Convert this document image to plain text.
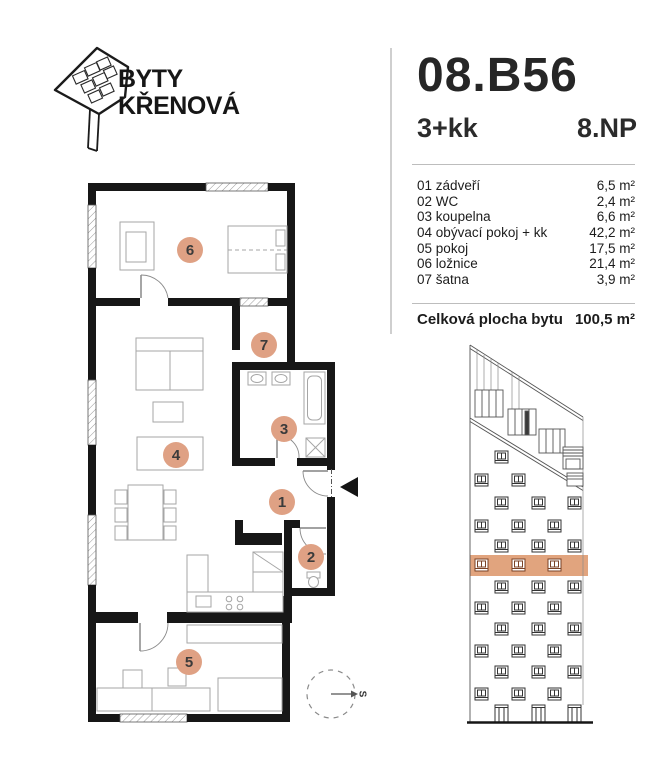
BYTY
KŘENOVÁ
08.B56
3+kk	8.NP
01 zádveří	6,5 m²
02 WC	2,4 m²
03 koupelna	6,6 m²
04 obývací pokoj + kk	42,2 m²
05 pokoj	17,5 m²
06 ložnice	21,4 m²
07 šatna	3,9 m²
Celková plocha bytu 100,5 m²
1
2
3
4
5
6
7
S
